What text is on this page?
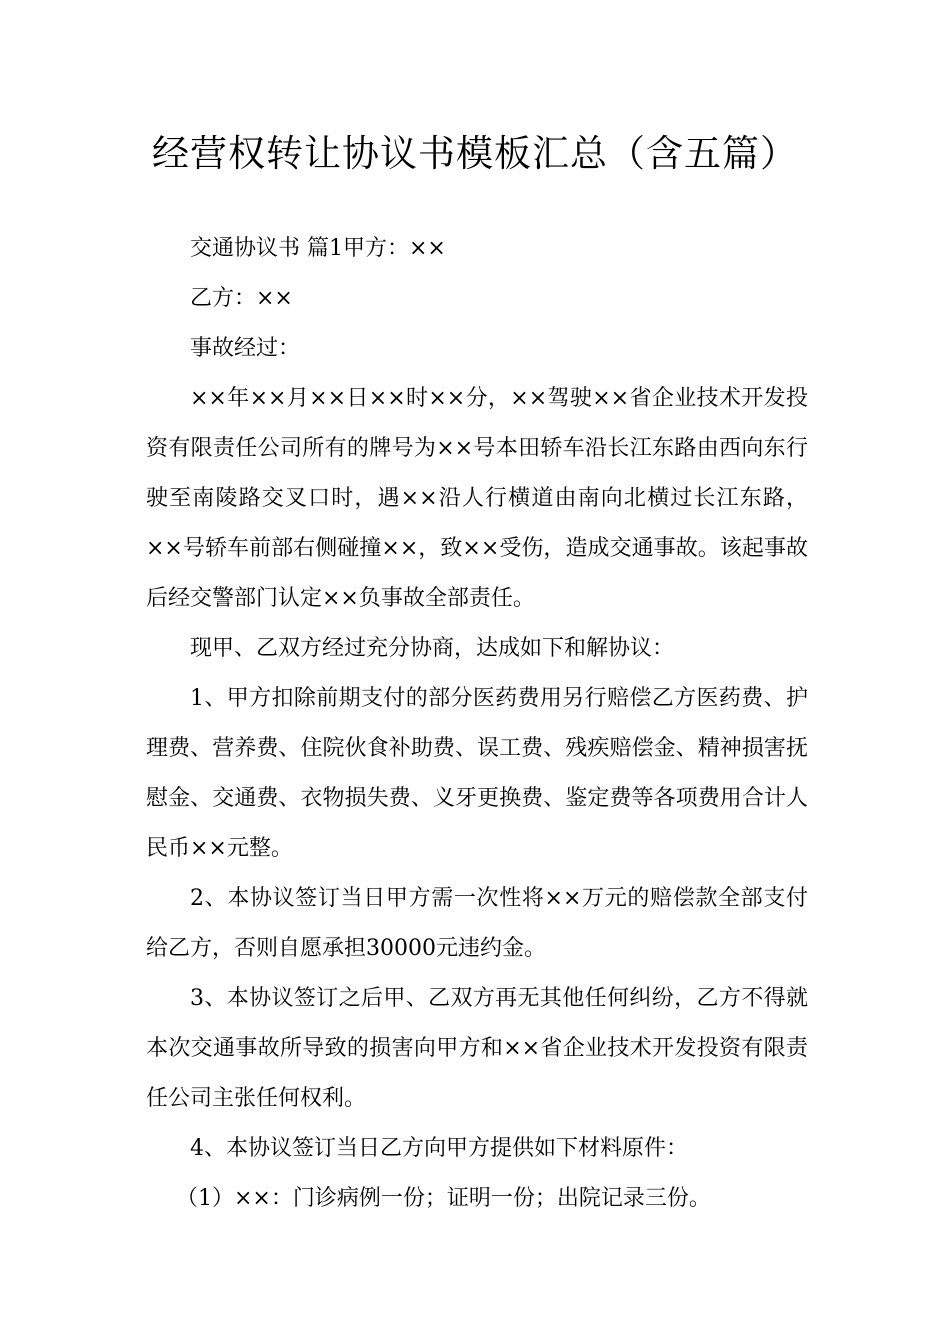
经营权转让协议书模板汇总（含五篇）

交通协议书 篇1甲方：××

乙方：××

事故经过：

××年××月××日××时××分，××驾驶××省企业技术开发投资有限责任公司所有的牌号为××号本田轿车沿长江东路由西向东行驶至南陵路交叉口时，遇××沿人行横道由南向北横过长江东路，××号轿车前部右侧碰撞××，致××受伤，造成交通事故。该起事故后经交警部门认定××负事故全部责任。

现甲、乙双方经过充分协商，达成如下和解协议：

1、甲方扣除前期支付的部分医药费用另行赔偿乙方医药费、护理费、营养费、住院伙食补助费、误工费、残疾赔偿金、精神损害抚慰金、交通费、衣物损失费、义牙更换费、鉴定费等各项费用合计人民币××元整。

2、本协议签订当日甲方需一次性将××万元的赔偿款全部支付给乙方，否则自愿承担30000元违约金。

3、本协议签订之后甲、乙双方再无其他任何纠纷，乙方不得就本次交通事故所导致的损害向甲方和××省企业技术开发投资有限责任公司主张任何权利。

4、本协议签订当日乙方向甲方提供如下材料原件：

（1）××：门诊病例一份；证明一份；出院记录三份。
